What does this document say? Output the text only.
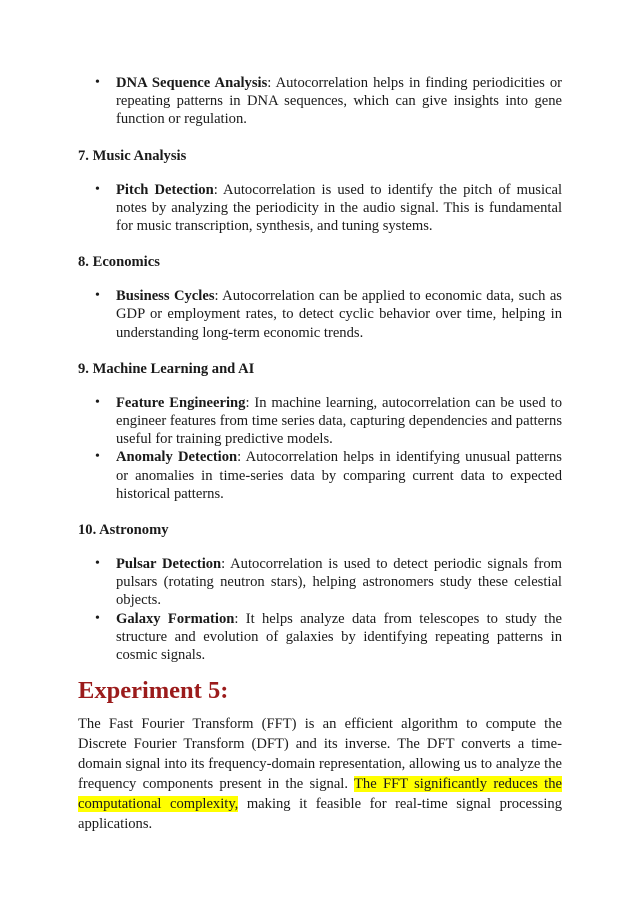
• DNA Sequence Analysis: Autocorrelation helps in finding periodicities or repeating patterns in DNA sequences, which can give insights into gene function or regulation.

7. Music Analysis

• Pitch Detection: Autocorrelation is used to identify the pitch of musical notes by analyzing the periodicity in the audio signal. This is fundamental for music transcription, synthesis, and tuning systems.

8. Economics

• Business Cycles: Autocorrelation can be applied to economic data, such as GDP or employment rates, to detect cyclic behavior over time, helping in understanding long-term economic trends.

9. Machine Learning and AI

• Feature Engineering: In machine learning, autocorrelation can be used to engineer features from time series data, capturing dependencies and patterns useful for training predictive models.
• Anomaly Detection: Autocorrelation helps in identifying unusual patterns or anomalies in time-series data by comparing current data to expected historical patterns.

10. Astronomy

• Pulsar Detection: Autocorrelation is used to detect periodic signals from pulsars (rotating neutron stars), helping astronomers study these celestial objects.
• Galaxy Formation: It helps analyze data from telescopes to study the structure and evolution of galaxies by identifying repeating patterns in cosmic signals.
Experiment 5:

The Fast Fourier Transform (FFT) is an efficient algorithm to compute the Discrete Fourier Transform (DFT) and its inverse. The DFT converts a time-domain signal into its frequency-domain representation, allowing us to analyze the frequency components present in the signal. The FFT significantly reduces the computational complexity, making it feasible for real-time signal processing applications.
